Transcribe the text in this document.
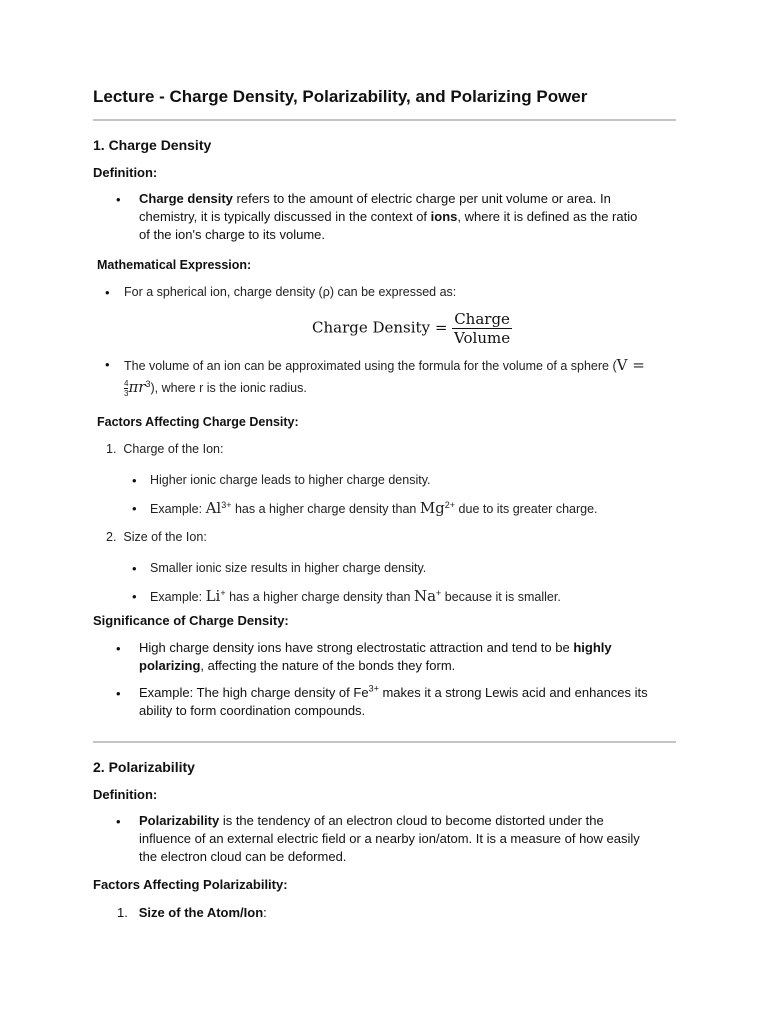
Lecture - Charge Density, Polarizability, and Polarizing Power
1. Charge Density
Definition:
• Charge density refers to the amount of electric charge per unit volume or area. In
chemistry, it is typically discussed in the context of ions, where it is defined as the ratio
of the ion's charge to its volume.
Mathematical Expression:
• For a spherical ion, charge density (ρ) can be expressed as:
Charge Density = $\frac{\text{Charge}}{\text{Volume}}$
• The volume of an ion can be approximated using the formula for the volume of a sphere (V =

$\frac{4}{3}\pi r^3$), where r is the ionic radius.
Factors Affecting Charge Density:
1. Charge of the Ion:
• Higher ionic charge leads to higher charge density.
• Example: $Al^{3+}$ has a higher charge density than $Mg^{2+}$ due to its greater charge.
2. Size of the Ion:
• Smaller ionic size results in higher charge density.
• Example: Li+ has a higher charge density than Na+ because it is smaller.
Significance of Charge Density:
• High charge density ions have strong electrostatic attraction and tend to be highly
polarizing, affecting the nature of the bonds they form.
• Example: The high charge density of $Fe^{3+}$ makes it a strong Lewis acid and enhances its
ability to form coordination compounds.
2. Polarizability
Definition:
• Polarizability is the tendency of an electron cloud to become distorted under the
influence of an external electric field or a nearby ion/atom. It is a measure of how easily
the electron cloud can be deformed.
Factors Affecting Polarizability:
1. Size of the Atom/Ion:
